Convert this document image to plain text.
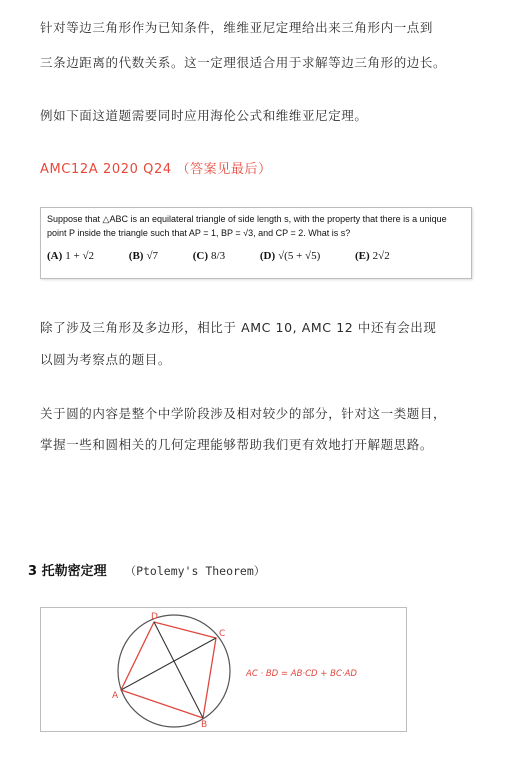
针对等边三角形作为已知条件，维维亚尼定理给出来三角形内一点到
三条边距离的代数关系。这一定理很适合用于求解等边三角形的边长。
例如下面这道题需要同时应用海伦公式和维维亚尼定理。
AMC12A 2020 Q24 （答案见最后）
Suppose that △ABC is an equilateral triangle of side length s, with the property that there is a unique
point P inside the triangle such that AP = 1, BP = √3, and CP = 2. What is s?
(A) 1 + √2	(B) √7	(C) 8/3	(D) √(5 + √5)	(E) 2√2
除了涉及三角形及多边形，相比于 AMC 10, AMC 12 中还有会出现
以圆为考察点的题目。
关于圆的内容是整个中学阶段涉及相对较少的部分，针对这一类题目，
掌握一些和圆相关的几何定理能够帮助我们更有效地打开解题思路。
3 托勒密定理 （Ptolemy's Theorem）
A
B
C
D
AC · BD = AB·CD + BC·AD
